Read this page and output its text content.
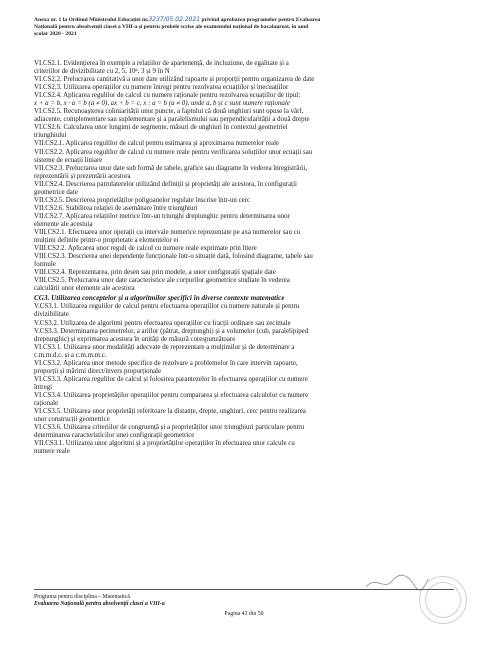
Anexa nr. 1 la Ordinul Ministrului Educației nr.3237/05.02.2021 privind aprobarea programelor pentru Evaluarea
Națională pentru absolvenții clasei a VIII-a și pentru probele scrise ale examenului național de bacalaureat, în anul
școlar 2020 - 2021

VI.CS2.1. Evidențierea în exemple a relațiilor de apartenență, de incluziune, de egalitate și a

criteriilor de divizibilitate cu 2, 5, 10ⁿ, 3 și 9 în N

VI.CS2.2. Prelucrarea cantitativă a unor date utilizând rapoarte și proporții pentru organizarea de date

VI.CS2.3. Utilizarea operațiilor cu numere întregi pentru rezolvarea ecuațiilor și inecuațiilor

VI.CS2.4. Aplicarea regulilor de calcul cu numere raționale pentru rezolvarea ecuațiilor de tipul:

x + a = b, x · a = b (a ≠ 0), ax + b = c, x : a = b (a ≠ 0), unde a, b și c sunt numere raționale

VI.CS2.5. Recunoașterea coliniarității unor puncte, a faptului că două unghiuri sunt opuse la vârf,

adiacente, complementare sau suplementare și a paralelismului sau perpendicularității a două drepte

VI.CS2.6. Calcularea unor lungimi de segmente, măsuri de unghiuri în contextul geometriei

triunghiului

VII.CS2.1. Aplicarea regulilor de calcul pentru estimarea și aproximarea numerelor reale

VII.CS2.2. Aplicarea regulilor de calcul cu numere reale pentru verificarea soluțiilor unor ecuații sau

sisteme de ecuații liniare

VII.CS2.3. Prelucrarea unor date sub formă de tabele, grafice sau diagrame în vederea înregistrării,

reprezentării și prezentării acestora

VII.CS2.4. Descrierea patrulaterelor utilizând definiții și proprietăți ale acestora, în configurații

geometrice date

VII.CS2.5. Descrierea proprietăților poligoanelor regulate înscrise într-un cerc

VII.CS2.6. Stabilirea relației de asemănare între triunghiuri

VII.CS2.7. Aplicarea relațiilor metrice într-un triunghi dreptunghic pentru determinarea unor

elemente ale acestuia

VIII.CS2.1. Efectuarea unor operații cu intervale numerice reprezentate pe axa numerelor sau cu

mulțimi definite printr-o proprietate a elementelor ei

VIII.CS2.2. Aplicarea unor reguli de calcul cu numere reale exprimate prin litere

VIII.CS2.3. Descrierea unei dependențe funcționale într-o situație dată, folosind diagrame, tabele sau

formule

VIII.CS2.4. Reprezentarea, prin desen sau prin modele, a unor configurații spațiale date

VIII.CS2.5. Prelucrarea unor date caracteristice ale corpurilor geometrice studiate în vederea

calculării unor elemente ale acestora

CG3. Utilizarea conceptelor și a algoritmilor specifici în diverse contexte matematice

V.CS3.1. Utilizarea regulilor de calcul pentru efectuarea operațiilor cu numere naturale și pentru

divizibilitate

V.CS3.2. Utilizarea de algoritmi pentru efectuarea operațiilor cu fracții ordinare sau zecimale

V.CS3.3. Determinarea perimetrelor, a ariilor (pătrat, dreptunghi) și a volumelor (cub, paralelipiped

dreptunghic) și exprimarea acestora în unități de măsură corespunzătoare

VI.CS3.1. Utilizarea unor modalități adecvate de reprezentare a mulțimilor și de determinare a

c.m.m.d.c. și a c.m.m.m.c.

VI.CS3.2. Aplicarea unor metode specifice de rezolvare a problemelor în care intervin rapoarte,

proporții și mărimi direct/invers proporționale

VI.CS3.3. Aplicarea regulilor de calcul și folosirea parantezelor în efectuarea operațiilor cu numere

întregi

VI.CS3.4. Utilizarea proprietăților operațiilor pentru compararea și efectuarea calculelor cu numere

raționale

VI.CS3.5. Utilizarea unor proprietăți referitoare la distanțe, drepte, unghiuri, cerc pentru realizarea

unor construcții geometrice

VI.CS3.6. Utilizarea criteriilor de congruență și a proprietăților unor triunghiuri particulare pentru

determinarea caracteristicilor unei configurații geometrice

VII.CS3.1. Utilizarea unor algoritmi și a proprietăților operațiilor în efectuarea unor calcule cu

numere reale

Programa pentru disciplina – Matematică
Evaluarea Națională pentru absolvenții clasei a VIII-a
Pagina 43 din 50
